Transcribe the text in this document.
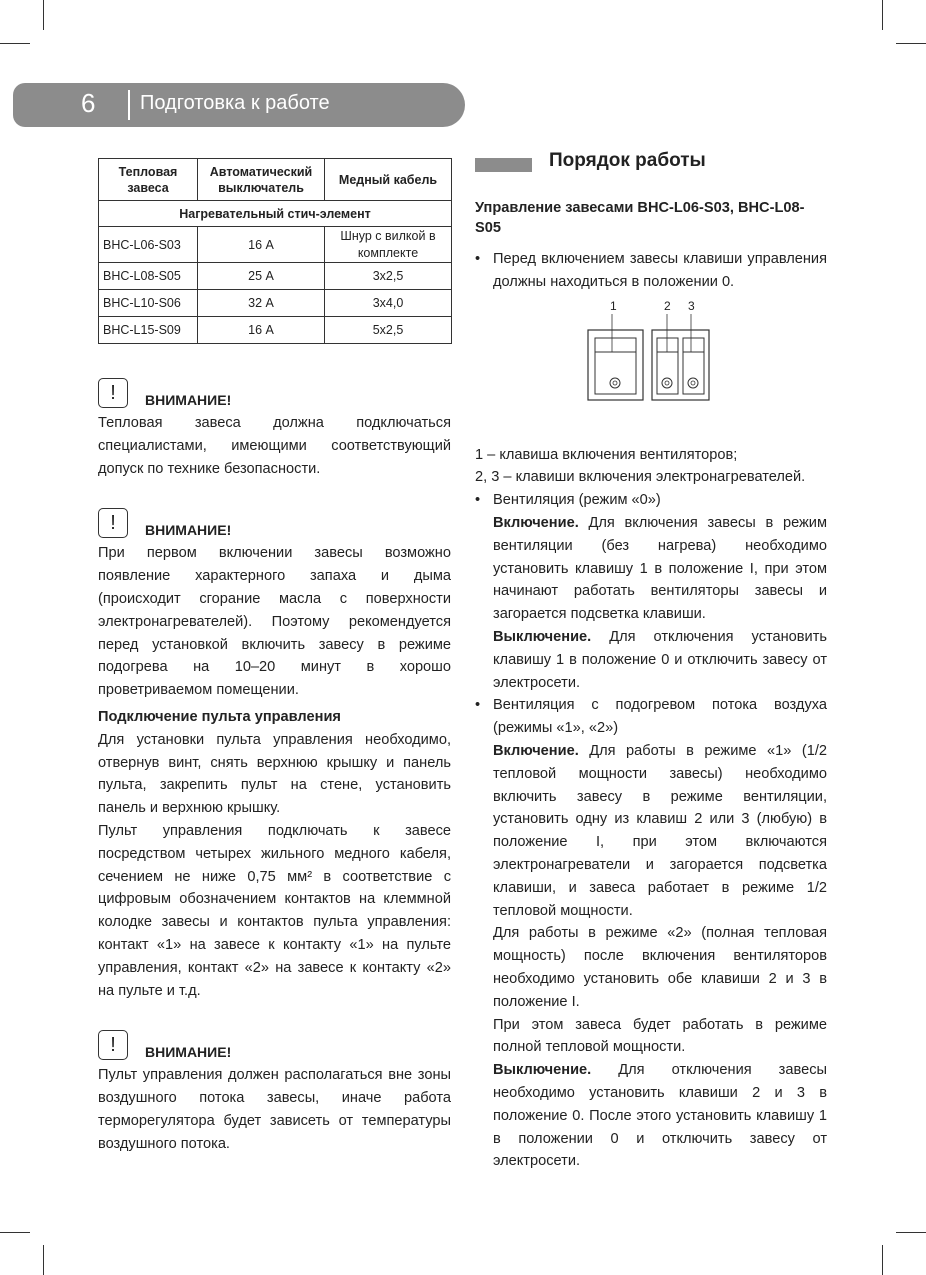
6 Подготовка к работе
Тепловая завеса	Автоматический выключатель	Медный кабель
Нагревательный стич-элемент		
BHC-L06-S03	16 А	Шнур с вилкой в комплекте
BHC-L08-S05	25 А	3х2,5
BHC-L10-S06	32 А	3х4,0
BHC-L15-S09	16 А	5х2,5
!	ВНИМАНИЕ!

Тепловая завеса должна подключаться специалистами, имеющими соответствующий допуск по технике безопасности.

!	ВНИМАНИЕ!

При первом включении завесы возможно появление характерного запаха и дыма (происходит сгорание масла с поверхности электронагревателей). Поэтому рекомендуется перед установкой включить завесу в режиме подогрева на 10–20 минут в хорошо проветриваемом помещении.

Подключение пульта управления

Для установки пульта управления необходимо, отвернув винт, снять верхнюю крышку и панель пульта, закрепить пульт на стене, установить панель и верхнюю крышку.

Пульт управления подключать к завесе посредством четырех жильного медного кабеля, сечением не ниже 0,75 мм² в соответствие с цифровым обозначением контактов на клеммной колодке завесы и контактов пульта управления: контакт «1» на завесе к контакту «1» на пульте управления, контакт «2» на завесе к контакту «2» на пульте и т.д.

!	ВНИМАНИЕ!

Пульт управления должен располагаться вне зоны воздушного потока завесы, иначе работа терморегулятора будет зависеть от температуры воздушного потока.

Порядок работы

Управление завесами BHC-L06-S03, BHC-L08-S05

• Перед включением завесы клавиши управления должны находиться в положении 0.

1	2 3

1 – клавиша включения вентиляторов;

2, 3 – клавиши включения электронагревателей.

• Вентиляция (режим «0»)

Включение. Для включения завесы в режим вентиляции (без нагрева) необходимо установить клавишу 1 в положение I, при этом начинают работать вентиляторы завесы и загорается подсветка клавиши.

Выключение. Для отключения установить клавишу 1 в положение 0 и отключить завесу от электросети.

• Вентиляция с подогревом потока воздуха (режимы «1», «2»)

Включение. Для работы в режиме «1» (1/2 тепловой мощности завесы) необходимо включить завесу в режиме вентиляции, установить одну из клавиш 2 или 3 (любую) в положение I, при этом включаются электронагреватели и загорается подсветка клавиши, и завеса работает в режиме 1/2 тепловой мощности.

Для работы в режиме «2» (полная тепловая мощность) после включения вентиляторов необходимо установить обе клавиши 2 и 3 в положение I.

При этом завеса будет работать в режиме полной тепловой мощности.

Выключение. Для отключения завесы необходимо установить клавиши 2 и 3 в положение 0. После этого установить клавишу 1 в положении 0 и отключить завесу от электросети.
